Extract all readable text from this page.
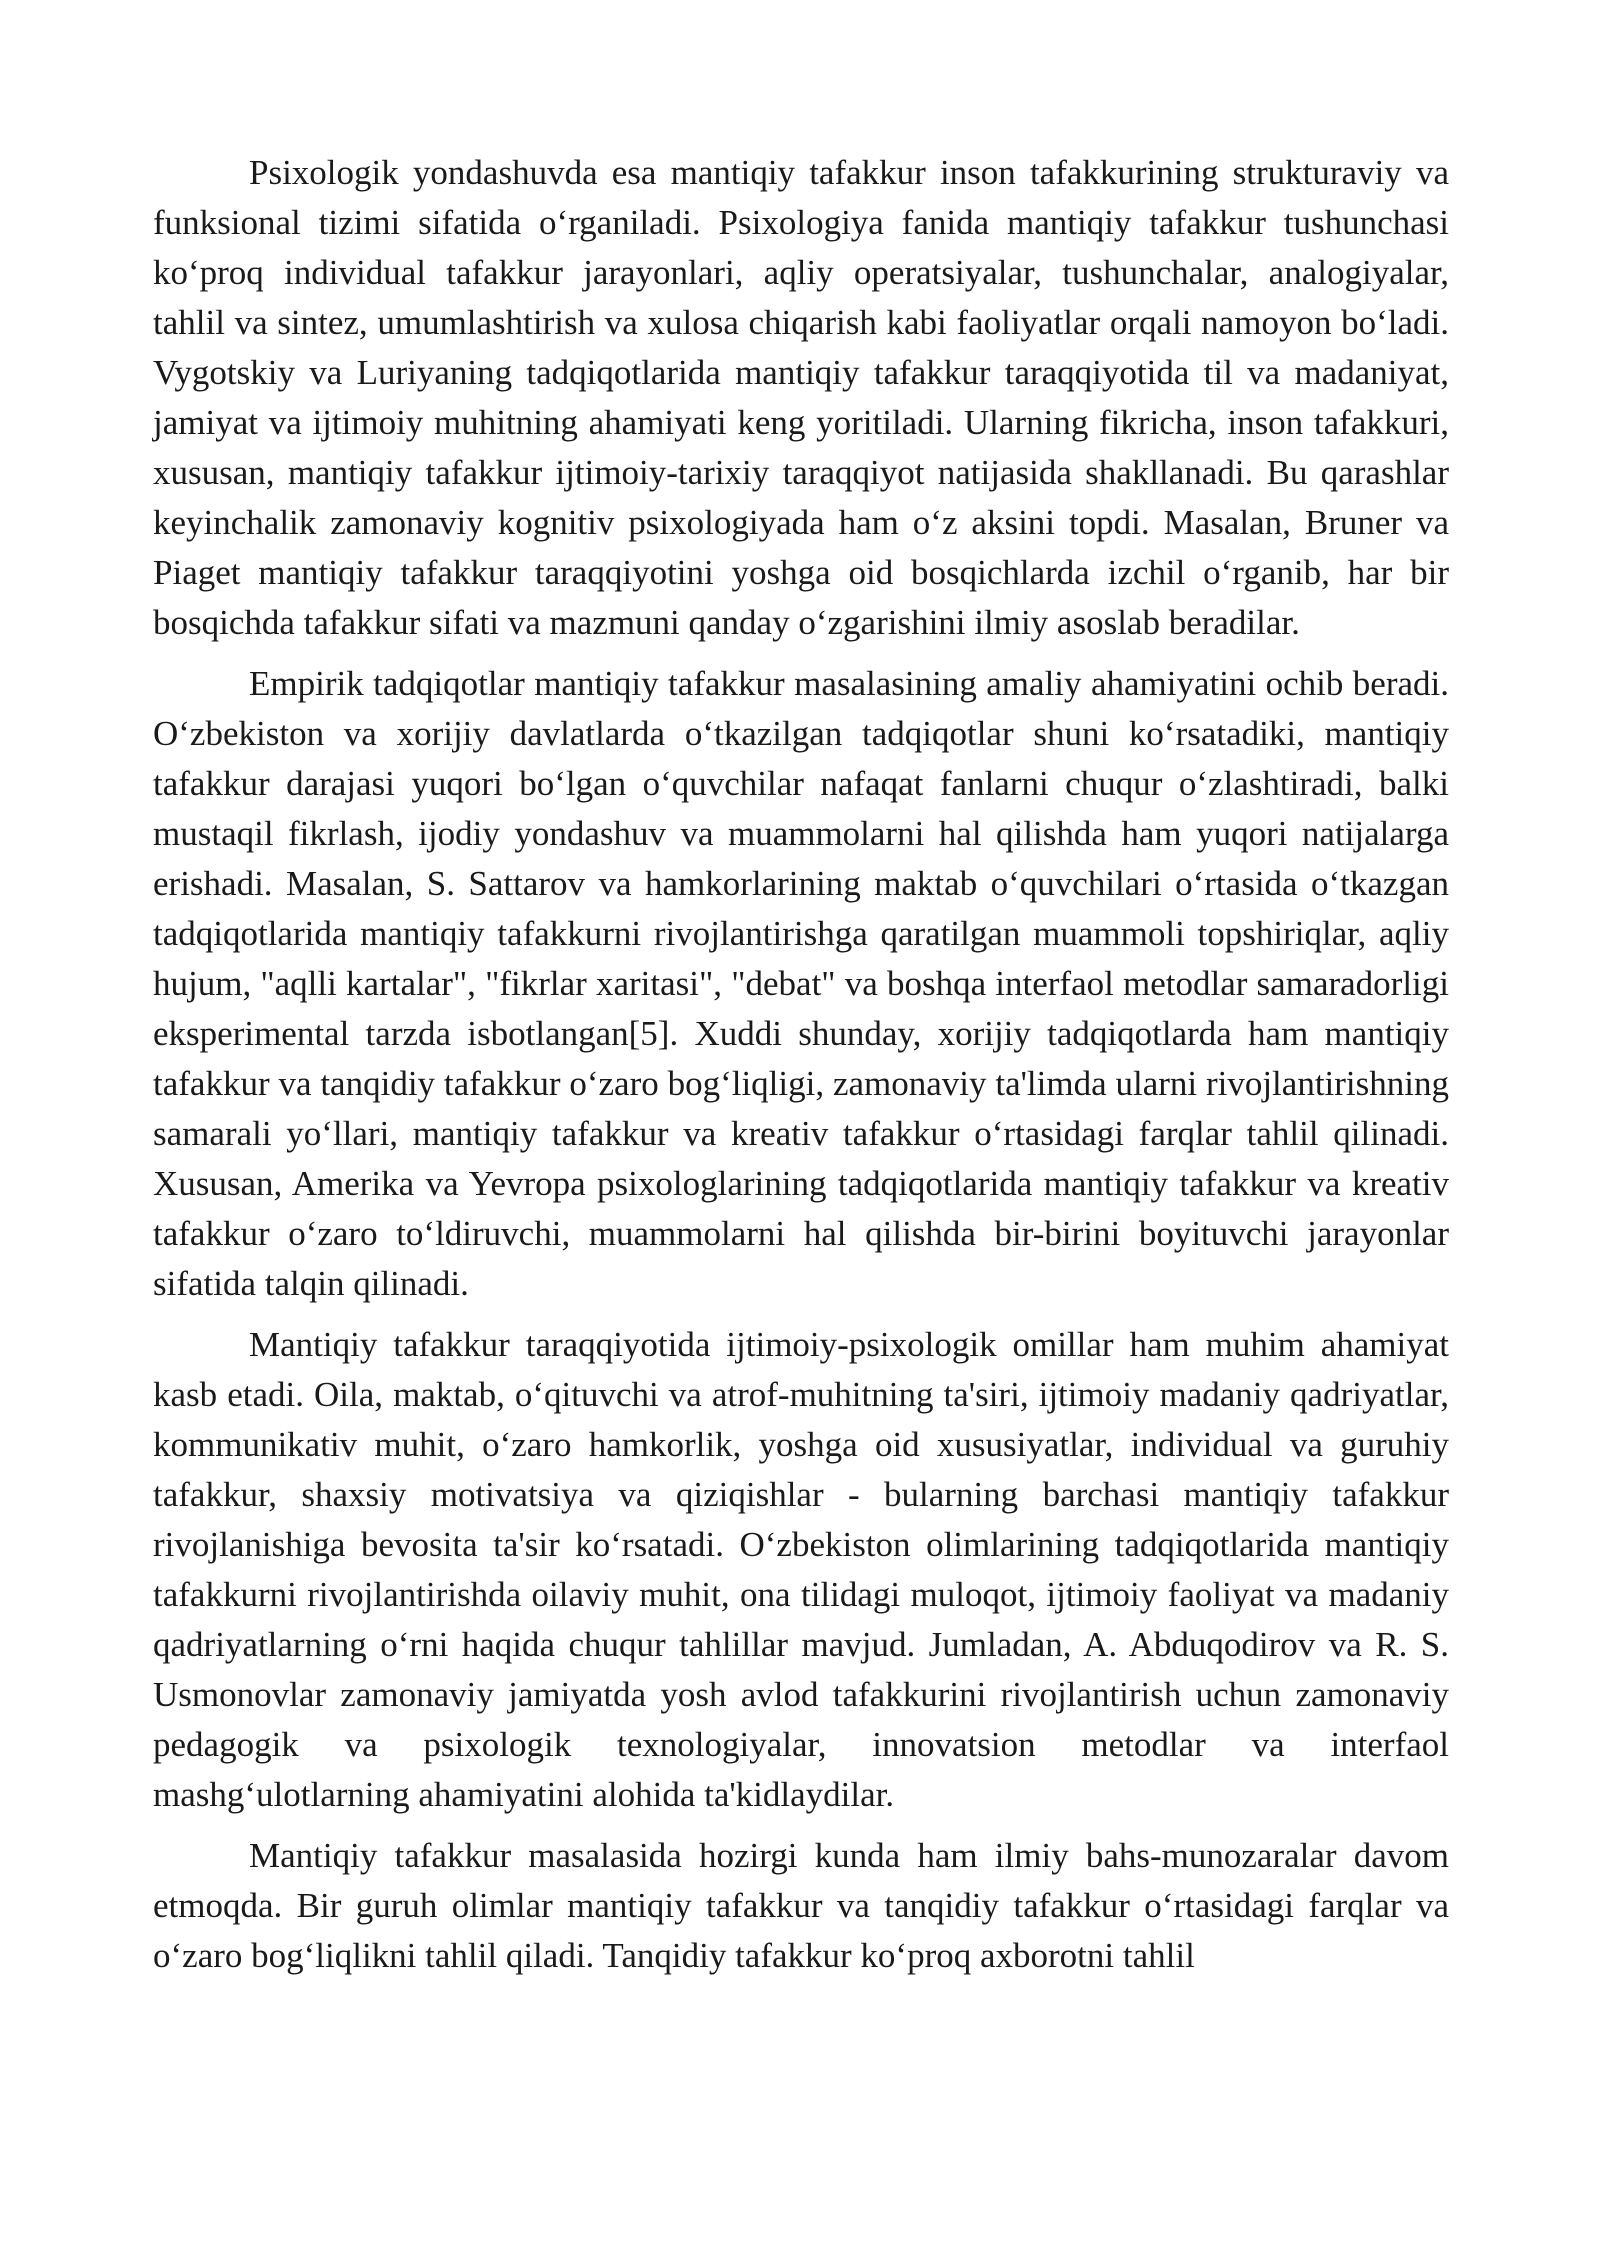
Psixologik yondashuvda esa mantiqiy tafakkur inson tafakkurining strukturaviy va funksional tizimi sifatida o‘rganiladi. Psixologiya fanida mantiqiy tafakkur tushunchasi ko‘proq individual tafakkur jarayonlari, aqliy operatsiyalar, tushunchalar, analogiyalar, tahlil va sintez, umumlashtirish va xulosa chiqarish kabi faoliyatlar orqali namoyon bo‘ladi. Vygotskiy va Luriyaning tadqiqotlarida mantiqiy tafakkur taraqqiyotida til va madaniyat, jamiyat va ijtimoiy muhitning ahamiyati keng yoritiladi. Ularning fikricha, inson tafakkuri, xususan, mantiqiy tafakkur ijtimoiy-tarixiy taraqqiyot natijasida shakllanadi. Bu qarashlar keyinchalik zamonaviy kognitiv psixologiyada ham o‘z aksini topdi. Masalan, Bruner va Piaget mantiqiy tafakkur taraqqiyotini yoshga oid bosqichlarda izchil o‘rganib, har bir bosqichda tafakkur sifati va mazmuni qanday o‘zgarishini ilmiy asoslab beradilar.

Empirik tadqiqotlar mantiqiy tafakkur masalasining amaliy ahamiyatini ochib beradi. O‘zbekiston va xorijiy davlatlarda o‘tkazilgan tadqiqotlar shuni ko‘rsatadiki, mantiqiy tafakkur darajasi yuqori bo‘lgan o‘quvchilar nafaqat fanlarni chuqur o‘zlashtiradi, balki mustaqil fikrlash, ijodiy yondashuv va muammolarni hal qilishda ham yuqori natijalarga erishadi. Masalan, S. Sattarov va hamkorlarining maktab o‘quvchilari o‘rtasida o‘tkazgan tadqiqotlarida mantiqiy tafakkurni rivojlantirishga qaratilgan muammoli topshiriqlar, aqliy hujum, "aqlli kartalar", "fikrlar xaritasi", "debat" va boshqa interfaol metodlar samaradorligi eksperimental tarzda isbotlangan[5]. Xuddi shunday, xorijiy tadqiqotlarda ham mantiqiy tafakkur va tanqidiy tafakkur o‘zaro bog‘liqligi, zamonaviy ta'limda ularni rivojlantirishning samarali yo‘llari, mantiqiy tafakkur va kreativ tafakkur o‘rtasidagi farqlar tahlil qilinadi. Xususan, Amerika va Yevropa psixologlarining tadqiqotlarida mantiqiy tafakkur va kreativ tafakkur o‘zaro to‘ldiruvchi, muammolarni hal qilishda bir-birini boyituvchi jarayonlar sifatida talqin qilinadi.

Mantiqiy tafakkur taraqqiyotida ijtimoiy-psixologik omillar ham muhim ahamiyat kasb etadi. Oila, maktab, o‘qituvchi va atrof-muhitning ta'siri, ijtimoiy madaniy qadriyatlar, kommunikativ muhit, o‘zaro hamkorlik, yoshga oid xususiyatlar, individual va guruhiy tafakkur, shaxsiy motivatsiya va qiziqishlar - bularning barchasi mantiqiy tafakkur rivojlanishiga bevosita ta'sir ko‘rsatadi. O‘zbekiston olimlarining tadqiqotlarida mantiqiy tafakkurni rivojlantirishda oilaviy muhit, ona tilidagi muloqot, ijtimoiy faoliyat va madaniy qadriyatlarning o‘rni haqida chuqur tahlillar mavjud. Jumladan, A. Abduqodirov va R. S. Usmonovlar zamonaviy jamiyatda yosh avlod tafakkurini rivojlantirish uchun zamonaviy pedagogik va psixologik texnologiyalar, innovatsion metodlar va interfaol mashg‘ulotlarning ahamiyatini alohida ta'kidlaydilar.

Mantiqiy tafakkur masalasida hozirgi kunda ham ilmiy bahs-munozaralar davom etmoqda. Bir guruh olimlar mantiqiy tafakkur va tanqidiy tafakkur o‘rtasidagi farqlar va o‘zaro bog‘liqlikni tahlil qiladi. Tanqidiy tafakkur ko‘proq axborotni tahlil
